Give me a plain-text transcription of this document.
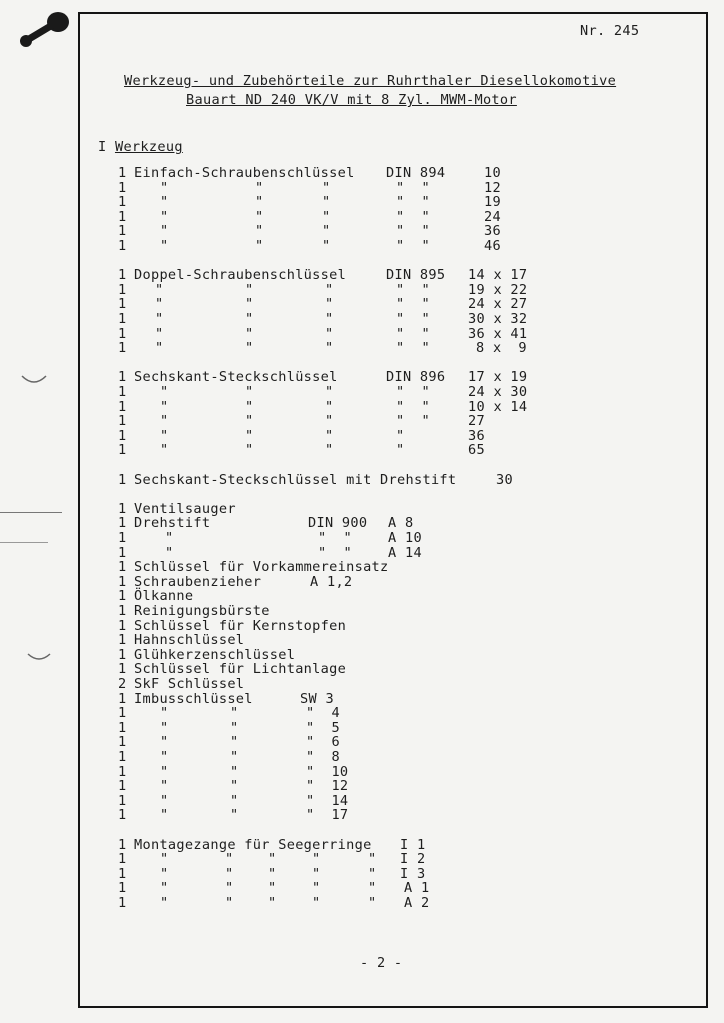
Nr. 245
Werkzeug- und Zubehörteile zur Ruhrthaler Diesellokomotive
Bauart ND 240 VK/V mit 8 Zyl. MWM-Motor
I Werkzeug
1 Einfach-Schraubenschlüssel DIN 894	10
1 "	"	"	"  "	12
1 "	"	"	"  "	19
1 "	"	"	"  "	24
1 "	"	"	"  "	36
1 "	"	"	"  "	46
1 Doppel-Schraubenschlüssel	DIN 895 14 x 17
1 "	"	"	"  "	19 x 22
1 "	"	"	"  "	24 x 27
1 "	"	"	"  "	30 x 32
1 "	"	"	"  "	36 x 41
1 "	"	"	"  "	8 x  9
1 Sechskant-Steckschlüssel	DIN 896 17 x 19
1 "	"	"	"  "	24 x 30
1 "	"	"	"  "	10 x 14
1 "	"	"	"  "	27
1 "	"	"	"	36
1 "	"	"	"	65
1 Sechskant-Steckschlüssel mit Drehstift	30
1 Ventilsauger
1 Drehstift	DIN 900 A 8
1	"	"  "	A 10
1	"	"  "	A 14
1 Schlüssel für Vorkammereinsatz
1 Schraubenzieher	A 1,2
1 Ölkanne
1 Reinigungsbürste
1 Schlüssel für Kernstopfen
1 Hahnschlüssel
1 Glühkerzenschlüssel
1 Schlüssel für Lichtanlage
2 SkF Schlüssel
1 Imbusschlüssel	SW 3
1 "	"	"  4
1 "	"	"  5
1 "	"	"  6
1 "	"	"  8
1 "	"	"  10
1 "	"	"  12
1 "	"	"  14
1 "	"	"  17
1 Montagezange für Seegerringe I 1
1 "	"	"	"	" I 2
1 "	"	"	"	" I 3
1 "	"	"	"	" A 1
1 "	"	"	"	" A 2
- 2 -
